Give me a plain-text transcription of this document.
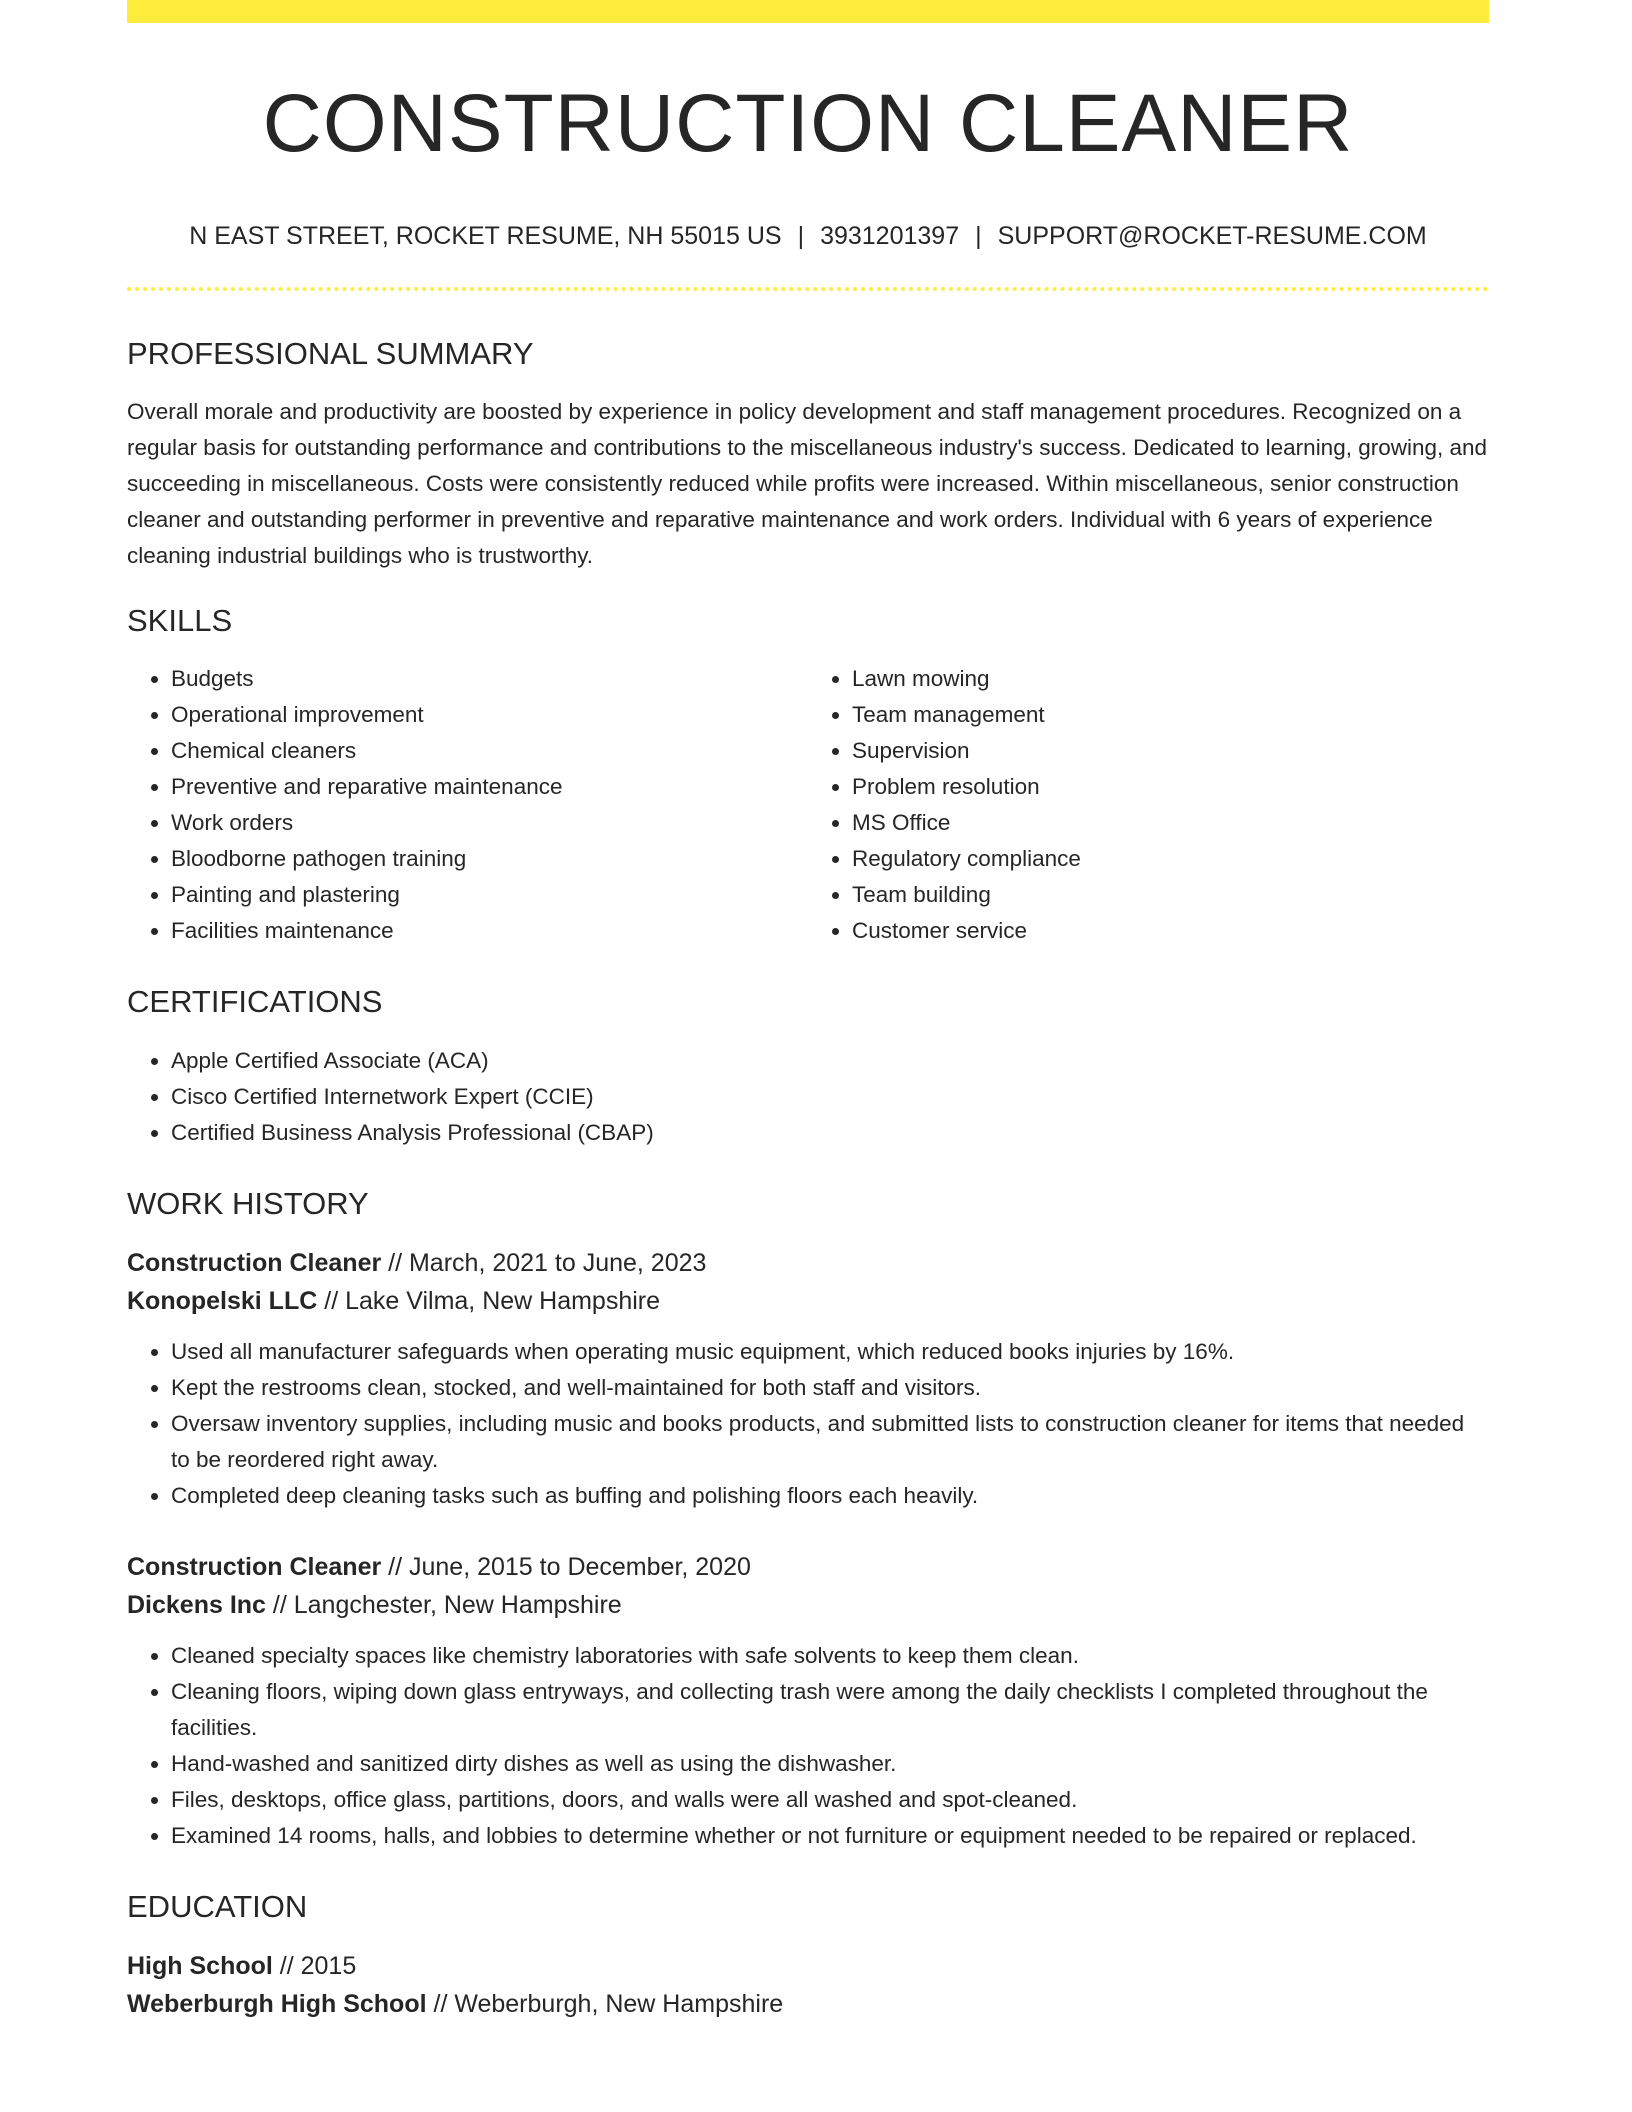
CONSTRUCTION CLEANER
N EAST STREET, ROCKET RESUME, NH 55015 US | 3931201397 | SUPPORT@ROCKET-RESUME.COM
PROFESSIONAL SUMMARY
Overall morale and productivity are boosted by experience in policy development and staff management procedures. Recognized on a regular basis for outstanding performance and contributions to the miscellaneous industry's success. Dedicated to learning, growing, and succeeding in miscellaneous. Costs were consistently reduced while profits were increased. Within miscellaneous, senior construction cleaner and outstanding performer in preventive and reparative maintenance and work orders. Individual with 6 years of experience cleaning industrial buildings who is trustworthy.
SKILLS
• Budgets
• Operational improvement
• Chemical cleaners
• Preventive and reparative maintenance
• Work orders
• Bloodborne pathogen training
• Painting and plastering
• Facilities maintenance
• Lawn mowing
• Team management
• Supervision
• Problem resolution
• MS Office
• Regulatory compliance
• Team building
• Customer service
CERTIFICATIONS
• Apple Certified Associate (ACA)
• Cisco Certified Internetwork Expert (CCIE)
• Certified Business Analysis Professional (CBAP)
WORK HISTORY
Construction Cleaner // March, 2021 to June, 2023
Konopelski LLC // Lake Vilma, New Hampshire
• Used all manufacturer safeguards when operating music equipment, which reduced books injuries by 16%.
• Kept the restrooms clean, stocked, and well-maintained for both staff and visitors.
• Oversaw inventory supplies, including music and books products, and submitted lists to construction cleaner for items that needed to be reordered right away.
• Completed deep cleaning tasks such as buffing and polishing floors each heavily.
Construction Cleaner // June, 2015 to December, 2020
Dickens Inc // Langchester, New Hampshire
• Cleaned specialty spaces like chemistry laboratories with safe solvents to keep them clean.
• Cleaning floors, wiping down glass entryways, and collecting trash were among the daily checklists I completed throughout the facilities.
• Hand-washed and sanitized dirty dishes as well as using the dishwasher.
• Files, desktops, office glass, partitions, doors, and walls were all washed and spot-cleaned.
• Examined 14 rooms, halls, and lobbies to determine whether or not furniture or equipment needed to be repaired or replaced.
EDUCATION
High School // 2015
Weberburgh High School // Weberburgh, New Hampshire
